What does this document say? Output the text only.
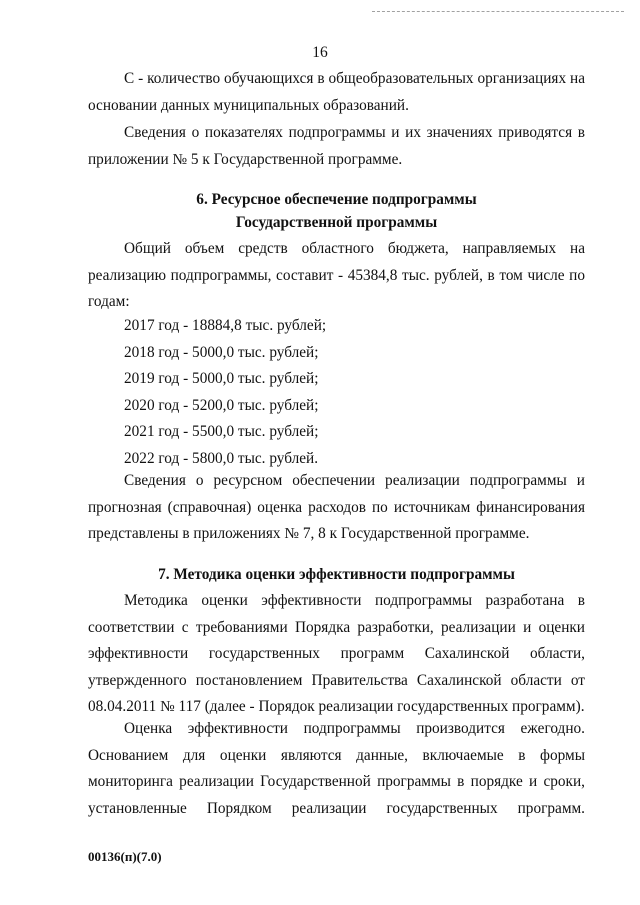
16

С - количество обучающихся в общеобразовательных организациях на основании данных муниципальных образований.

Сведения о показателях подпрограммы и их значениях приводятся в приложении № 5 к Государственной программе.

6. Ресурсное обеспечение подпрограммы
Государственной программы

Общий объем средств областного бюджета, направляемых на реализацию подпрограммы, составит - 45384,8 тыс. рублей, в том числе по годам:

2017 год - 18884,8 тыс. рублей;
2018 год - 5000,0 тыс. рублей;
2019 год - 5000,0 тыс. рублей;
2020 год - 5200,0 тыс. рублей;
2021 год - 5500,0 тыс. рублей;
2022 год - 5800,0 тыс. рублей.

Сведения о ресурсном обеспечении реализации подпрограммы и прогнозная (справочная) оценка расходов по источникам финансирования представлены в приложениях № 7, 8 к Государственной программе.

7. Методика оценки эффективности подпрограммы

Методика оценки эффективности подпрограммы разработана в соответствии с требованиями Порядка разработки, реализации и оценки эффективности государственных программ Сахалинской области, утвержденного постановлением Правительства Сахалинской области от 08.04.2011 № 117 (далее - Порядок реализации государственных программ).

Оценка эффективности подпрограммы производится ежегодно. Основанием для оценки являются данные, включаемые в формы мониторинга реализации Государственной программы в порядке и сроки, установленные Порядком реализации государственных программ.

00136(п)(7.0)
